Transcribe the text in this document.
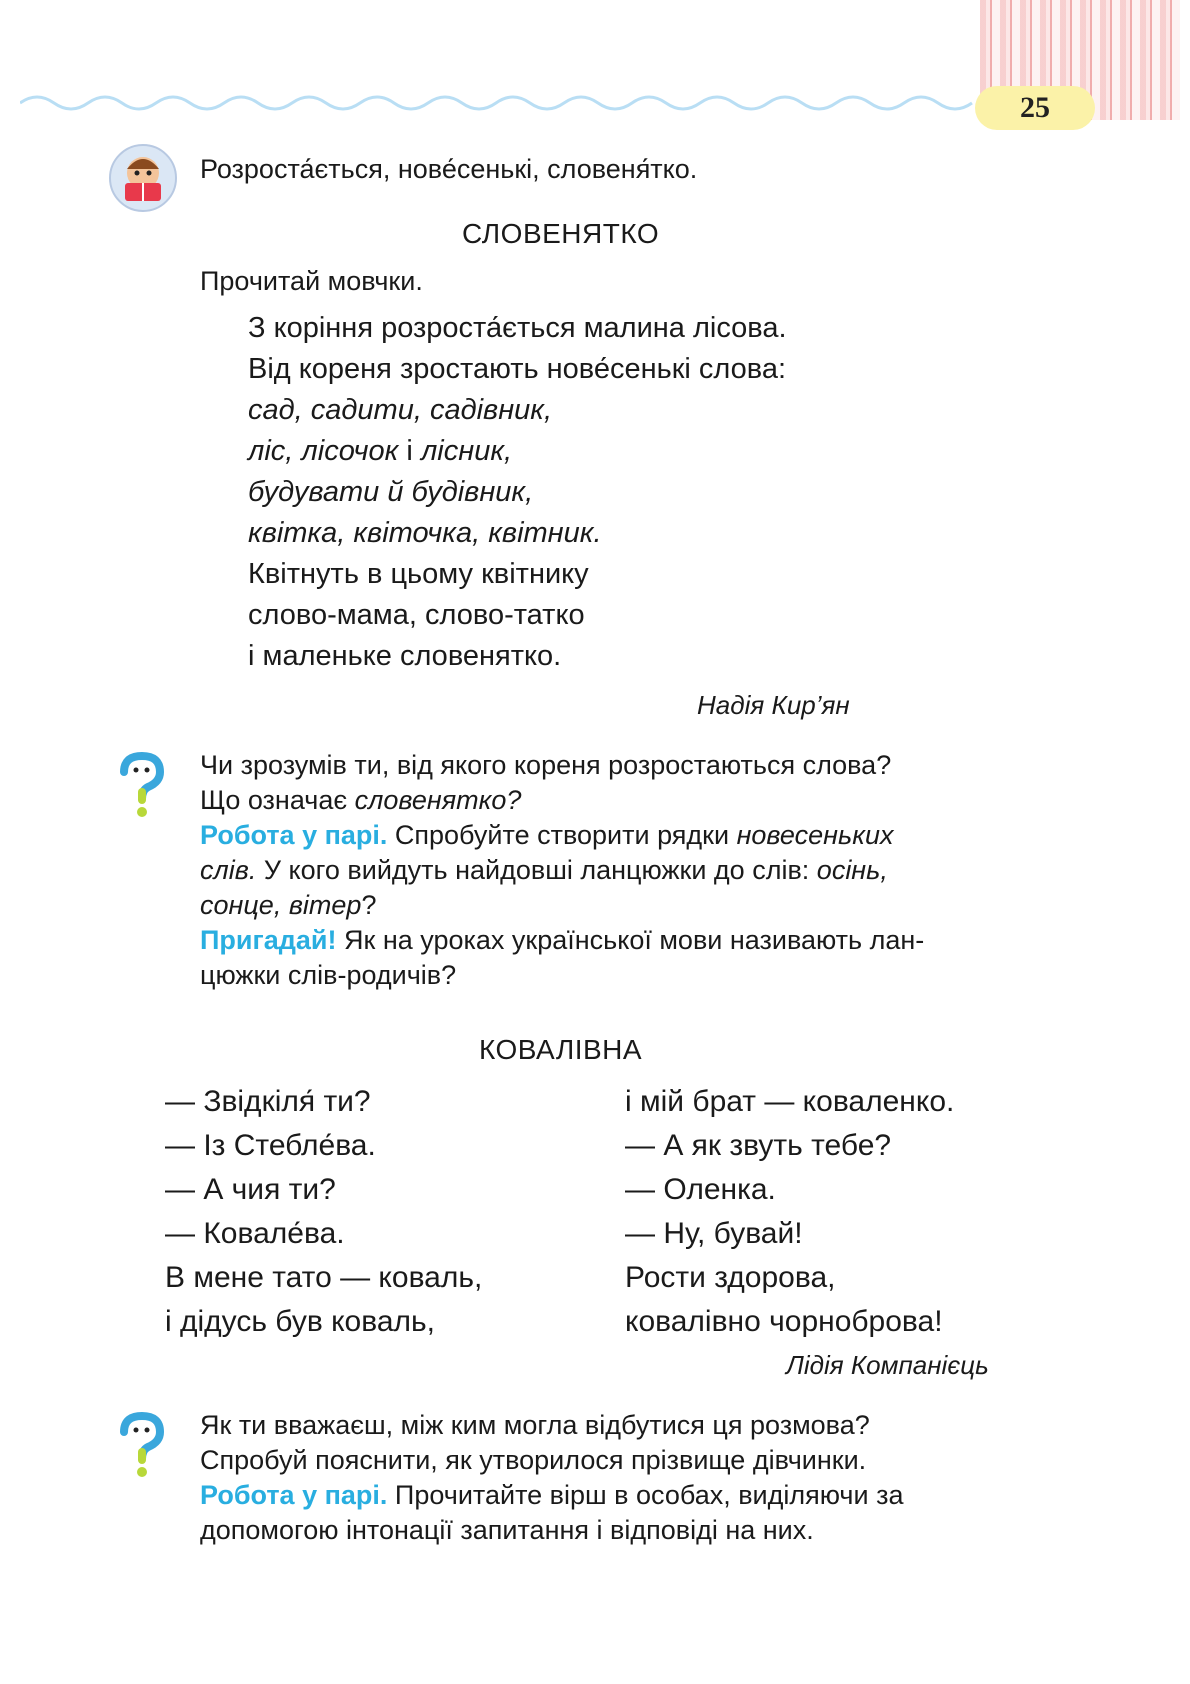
25
Розроста́ється, нове́сенькі, словеня́тко.
СЛОВЕНЯТКО
Прочитай мовчки.
З коріння розроста́ється малина лісова.
Від кореня зростають нове́сенькі слова:
сад, садити, садівник,
ліс, лісочок і лісник,
будувати й будівник,
квітка, квіточка, квітник.
Квітнуть в цьому квітнику
слово-мама, слово-татко
і маленьке словенятко.
Надія Кир’ян
Чи зрозумів ти, від якого кореня розростаються слова?
Що означає словенятко?
Робота у парі. Спробуйте створити рядки новесеньких
слів. У кого вийдуть найдовші ланцюжки до слів: осінь,
сонце, вітер?
Пригадай! Як на уроках української мови називають лан-
цюжки слів-родичів?
КОВАЛІВНА
— Звідкіля́ ти?
— Із Стебле́ва.
— А чия ти?
— Ковале́ва.
В мене тато — коваль,
і дідусь був коваль,
і мій брат — коваленко.
— А як звуть тебе?
— Оленка.
— Ну, бувай!
Рости здорова,
ковалівно чорноброва!
Лідія Компанієць
Як ти вважаєш, між ким могла відбутися ця розмова?
Спробуй пояснити, як утворилося прізвище дівчинки.
Робота у парі. Прочитайте вірш в особах, виділяючи за
допомогою інтонації запитання і відповіді на них.
